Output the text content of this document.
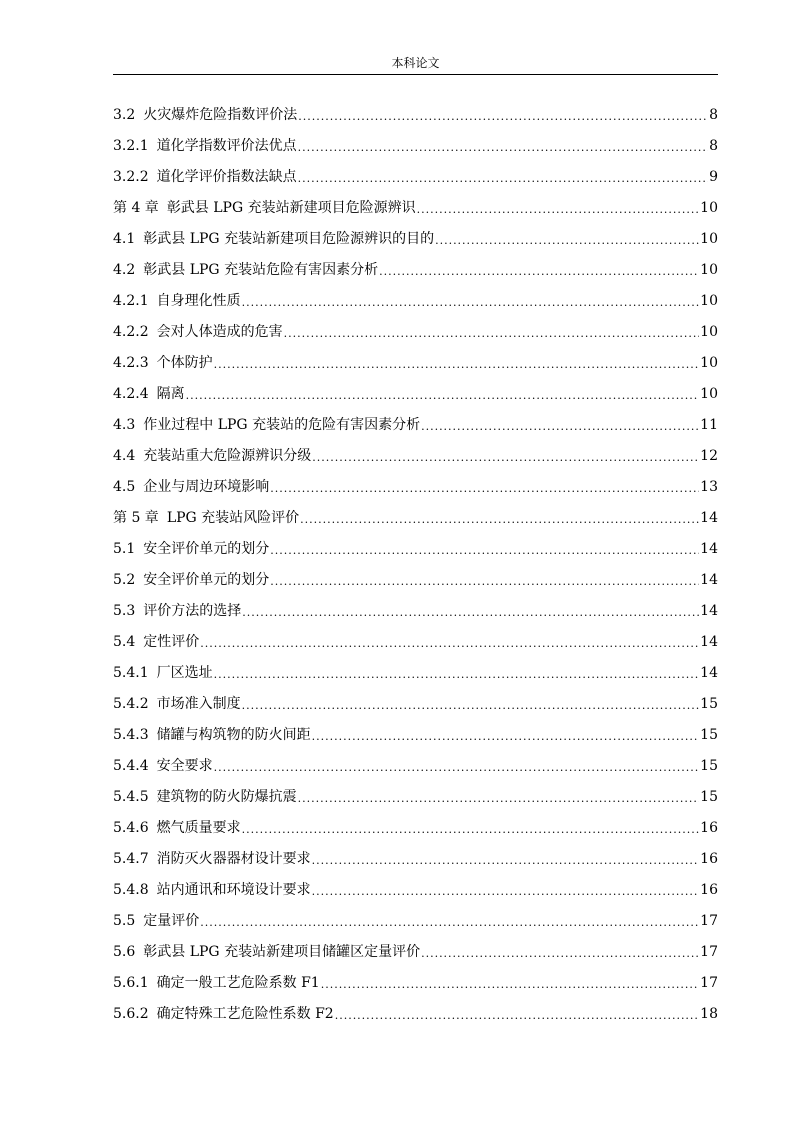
本科论文
3.2 火灾爆炸危险指数评价法 .....	8
3.2.1 道化学指数评价法优点 .....	8
3.2.2 道化学评价指数法缺点 .....	9
第 4 章 彰武县 LPG 充装站新建项目危险源辨识 .....	10
4.1 彰武县 LPG 充装站新建项目危险源辨识的目的 .....	10
4.2 彰武县 LPG 充装站危险有害因素分析 .....	10
4.2.1 自身理化性质 .....	10
4.2.2 会对人体造成的危害 .....	10
4.2.3 个体防护 .....	10
4.2.4 隔离 .....	10
4.3 作业过程中 LPG 充装站的危险有害因素分析 .....	11
4.4 充装站重大危险源辨识分级 .....	12
4.5 企业与周边环境影响 .....	13
第 5 章 LPG 充装站风险评价 .....	14
5.1 安全评价单元的划分 .....	14
5.2 安全评价单元的划分 .....	14
5.3 评价方法的选择 .....	14
5.4 定性评价 .....	14
5.4.1 厂区选址 .....	14
5.4.2 市场准入制度 .....	15
5.4.3 储罐与构筑物的防火间距 .....	15
5.4.4 安全要求 .....	15
5.4.5 建筑物的防火防爆抗震 .....	15
5.4.6 燃气质量要求 .....	16
5.4.7 消防灭火器器材设计要求 .....	16
5.4.8 站内通讯和环境设计要求 .....	16
5.5 定量评价 .....	17
5.6 彰武县 LPG 充装站新建项目储罐区定量评价 .....	17
5.6.1 确定一般工艺危险系数 F1 .....	17
5.6.2 确定特殊工艺危险性系数 F2 .....	18
